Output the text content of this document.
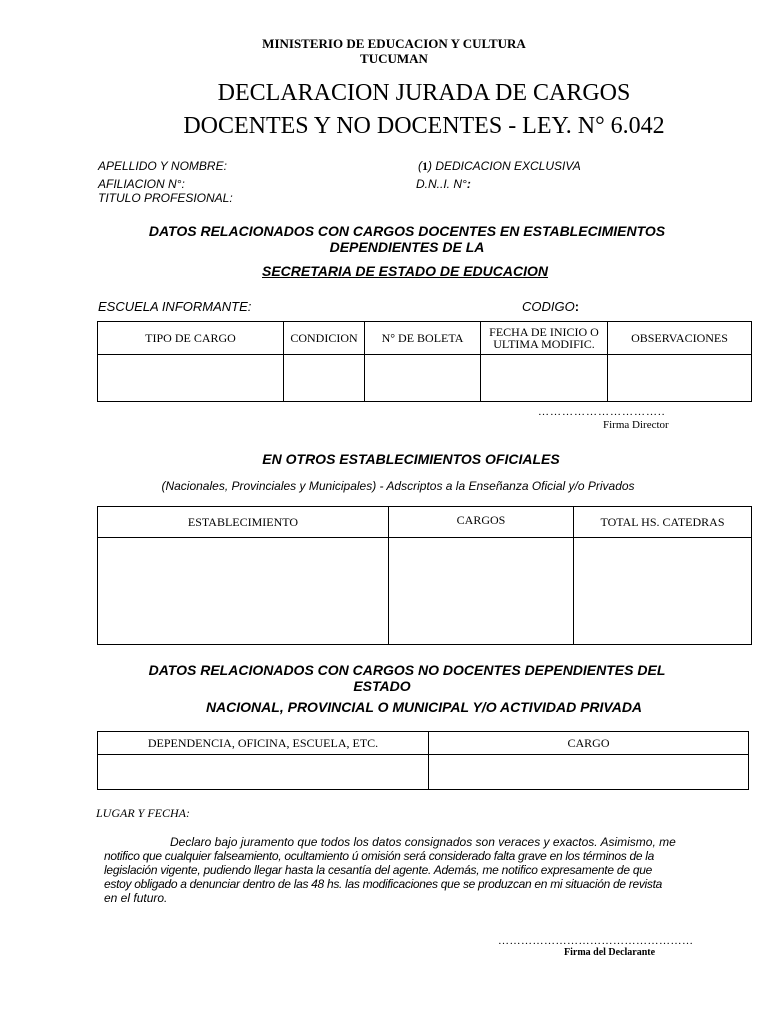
MINISTERIO DE EDUCACION Y CULTURA
TUCUMAN
DECLARACION JURADA DE CARGOS
DOCENTES Y NO DOCENTES - LEY. N° 6.042
APELLIDO Y NOMBRE:
AFILIACION N°:
TITULO PROFESIONAL:
(1) DEDICACION EXCLUSIVA
D.N..I. N°:
DATOS RELACIONADOS CON CARGOS DOCENTES EN ESTABLECIMIENTOS
DEPENDIENTES DE LA
SECRETARIA DE ESTADO DE EDUCACION
ESCUELA INFORMANTE:	CODIGO:
TIPO DE CARGO	CONDICION	N° DE BOLETA	FECHA DE INICIO O ULTIMA MODIFIC.	OBSERVACIONES

…………………………..
Firma Director
EN OTROS ESTABLECIMIENTOS OFICIALES
(Nacionales, Provinciales y Municipales) - Adscriptos a la Enseñanza Oficial y/o Privados
ESTABLECIMIENTO	CARGOS	TOTAL HS. CATEDRAS

DATOS RELACIONADOS CON CARGOS NO DOCENTES DEPENDIENTES DEL
ESTADO
NACIONAL, PROVINCIAL O MUNICIPAL Y/O ACTIVIDAD PRIVADA
DEPENDENCIA, OFICINA, ESCUELA, ETC.	CARGO

LUGAR Y FECHA:
Declaro bajo juramento que todos los datos consignados son veraces y exactos. Asimismo, me
notifico que cualquier falseamiento, ocultamiento ú omisión será considerado falta grave en los términos de la
legislación vigente, pudiendo llegar hasta la cesantía del agente. Además, me notifico expresamente de que
estoy obligado a denunciar dentro de las 48 hs. las modificaciones que se produzcan en mi situación de revista
en el futuro.
……………………………………………
Firma del Declarante
